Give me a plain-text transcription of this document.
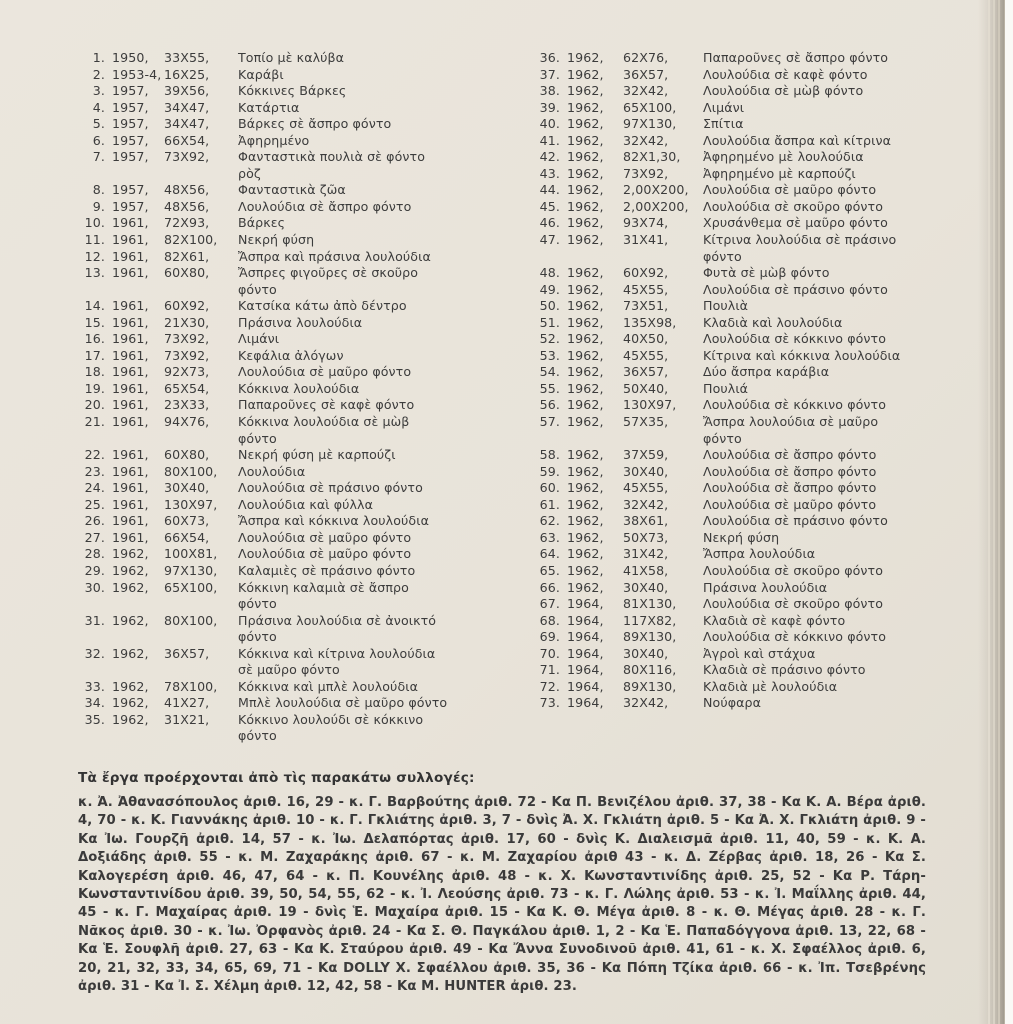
1. 1950,	33X55,	Τοπίο μὲ καλύβα
2. 1953-4, 16X25,	Καράβι
3. 1957,	39X56,	Κόκκινες Βάρκες
4. 1957,	34X47,	Κατάρτια
5. 1957,	34X47,	Βάρκες σὲ ἄσπρο φόντο
6. 1957,	66X54,	Ἀφηρημένο
7. 1957,	73X92,	Φανταστικὰ πουλιὰ σὲ φόντο ρὸζ
8. 1957,	48X56,	Φανταστικὰ ζῶα
9. 1957,	48X56,	Λουλούδια σὲ ἄσπρο φόντο
10. 1961,	72X93,	Βάρκες
11. 1961,	82X100,	Νεκρή φύση
12. 1961,	82X61,	Ἄσπρα καὶ πράσινα λουλούδια
13. 1961,	60X80,	Ἄσπρες φιγοῦρες σὲ σκοῦρο φόντο
14. 1961,	60X92,	Κατσίκα κάτω ἀπὸ δέντρο
15. 1961,	21X30,	Πράσινα λουλούδια
16. 1961,	73X92,	Λιμάνι
17. 1961,	73X92,	Κεφάλια ἀλόγων
18. 1961,	92X73,	Λουλούδια σὲ μαῦρο φόντο
19. 1961,	65X54,	Κόκκινα λουλούδια
20. 1961,	23X33,	Παπαροῦνες σὲ καφὲ φόντο
21. 1961,	94X76,	Κόκκινα λουλούδια σὲ μὼβ φόντο
22. 1961,	60X80,	Νεκρή φύση μὲ καρπούζι
23. 1961,	80X100,	Λουλούδια
24. 1961,	30X40,	Λουλούδια σὲ πράσινο φόντο
25. 1961,	130X97,	Λουλούδια καὶ φύλλα
26. 1961,	60X73,	Ἄσπρα καὶ κόκκινα λουλούδια
27. 1961,	66X54,	Λουλούδια σὲ μαῦρο φόντο
28. 1962,	100X81,	Λουλούδια σὲ μαῦρο φόντο
29. 1962,	97X130,	Καλαμιὲς σὲ πράσινο φόντο
30. 1962,	65X100,	Κόκκινη καλαμιὰ σὲ ἄσπρο φόντο
31. 1962,	80X100,	Πράσινα λουλούδια σὲ ἀνοικτό φόντο
32. 1962,	36X57,	Κόκκινα καὶ κίτρινα λουλούδια σὲ μαῦρο φόντο
33. 1962,	78X100,	Κόκκινα καὶ μπλὲ λουλούδια
34. 1962,	41X27,	Μπλὲ λουλούδια σὲ μαῦρο φόντο
35. 1962,	31X21,	Κόκκινο λουλούδι σὲ κόκκινο φόντο
36. 1962,	62X76,	Παπαροῦνες σὲ ἄσπρο φόντο
37. 1962,	36X57,	Λουλούδια σὲ καφὲ φόντο
38. 1962,	32X42,	Λουλούδια σὲ μὼβ φόντο
39. 1962,	65X100,	Λιμάνι
40. 1962,	97X130,	Σπίτια
41. 1962,	32X42,	Λουλούδια ἄσπρα καὶ κίτρινα
42. 1962,	82X1,30,	Ἀφηρημένο μὲ λουλούδια
43. 1962,	73X92,	Ἀφηρημένο μὲ καρπούζι
44. 1962,	2,00X200,	Λουλούδια σὲ μαῦρο φόντο
45. 1962,	2,00X200,	Λουλούδια σὲ σκοῦρο φόντο
46. 1962,	93X74,	Χρυσάνθεμα σὲ μαῦρο φόντο
47. 1962,	31X41,	Κίτρινα λουλούδια σὲ πράσινο φόντο
48. 1962,	60X92,	Φυτὰ σὲ μὼβ φόντο
49. 1962,	45X55,	Λουλούδια σὲ πράσινο φόντο
50. 1962,	73X51,	Πουλιὰ
51. 1962,	135X98,	Κλαδιὰ καὶ λουλούδια
52. 1962,	40X50,	Λουλούδια σὲ κόκκινο φόντο
53. 1962,	45X55,	Κίτρινα καὶ κόκκινα λουλούδια
54. 1962,	36X57,	Δύο ἄσπρα καράβια
55. 1962,	50X40,	Πουλιά
56. 1962,	130X97,	Λουλούδια σὲ κόκκινο φόντο
57. 1962,	57X35,	Ἄσπρα λουλούδια σὲ μαῦρο φόντο
58. 1962,	37X59,	Λουλούδια σὲ ἄσπρο φόντο
59. 1962,	30X40,	Λουλούδια σὲ ἄσπρο φόντο
60. 1962,	45X55,	Λουλούδια σὲ ἄσπρο φόντο
61. 1962,	32X42,	Λουλούδια σὲ μαῦρο φόντο
62. 1962,	38X61,	Λουλούδια σὲ πράσινο φόντο
63. 1962,	50X73,	Νεκρή φύση
64. 1962,	31X42,	Ἄσπρα λουλούδια
65. 1962,	41X58,	Λουλούδια σὲ σκοῦρο φόντο
66. 1962,	30X40,	Πράσινα λουλούδια
67. 1964,	81X130,	Λουλούδια σὲ σκοῦρο φόντο
68. 1964,	117X82,	Κλαδιὰ σὲ καφὲ φόντο
69. 1964,	89X130,	Λουλούδια σὲ κόκκινο φόντο
70. 1964,	30X40,	Ἀγροὶ καὶ στάχυα
71. 1964,	80X116,	Κλαδιὰ σὲ πράσινο φόντο
72. 1964,	89X130,	Κλαδιὰ μὲ λουλούδια
73. 1964,	32X42,	Νούφαρα
Τὰ ἔργα προέρχονται ἀπὸ τὶς παρακάτω συλλογές:
κ. Ἀ. Ἀθανασόπουλος ἀριθ. 16, 29 - κ. Γ. Βαρβούτης ἀριθ. 72 - Κα Π. Βενιζέλου ἀριθ. 37, 38 - Κα Κ. Α. Βέρα ἀριθ. 4, 70 - κ. Κ. Γιαννάκης ἀριθ. 10 - κ. Γ. Γκλιάτης ἀριθ. 3, 7 - δνὶς Ἀ. Χ. Γκλιάτη ἀριθ. 5 - Κα Ἀ. Χ. Γκλιάτη ἀριθ. 9 - Κα Ἰω. Γουρζῆ ἀριθ. 14, 57 - κ. Ἰω. Δελαπόρτας ἀριθ. 17, 60 - δνὶς Κ. Διαλεισμᾶ ἀριθ. 11, 40, 59 - κ. Κ. Α. Δοξιάδης ἀριθ. 55 - κ. Μ. Ζαχαράκης ἀριθ. 67 - κ. Μ. Ζαχαρίου ἀριθ 43 - κ. Δ. Ζέρβας ἀριθ. 18, 26 - Κα Σ. Καλογερέση ἀριθ. 46, 47, 64 - κ. Π. Κουνέλης ἀριθ. 48 - κ. Χ. Κωνσταντινίδης ἀριθ. 25, 52 - Κα Ρ. Τάρη-Κωνσταντινίδου ἀριθ. 39, 50, 54, 55, 62 - κ. Ἰ. Λεούσης ἀριθ. 73 - κ. Γ. Λώλης ἀριθ. 53 - κ. Ἰ. Μαΐλλης ἀριθ. 44, 45 - κ. Γ. Μαχαίρας ἀριθ. 19 - δνὶς Ἑ. Μαχαίρα ἀριθ. 15 - Κα Κ. Θ. Μέγα ἀριθ. 8 - κ. Θ. Μέγας ἀριθ. 28 - κ. Γ. Νᾶκος ἀριθ. 30 - κ. Ἰω. Ὀρφανὸς ἀριθ. 24 - Κα Σ. Θ. Παγκάλου ἀριθ. 1, 2 - Κα Ἑ. Παπαδόγγονα ἀριθ. 13, 22, 68 - Κα Ἑ. Σουφλῆ ἀριθ. 27, 63 - Κα Κ. Σταύρου ἀριθ. 49 - Κα Ἄννα Συνοδινοῦ ἀριθ. 41, 61 - κ. Χ. Σφαέλλος ἀριθ. 6, 20, 21, 32, 33, 34, 65, 69, 71 - Κα DOLLY Χ. Σφαέλλου ἀριθ. 35, 36 - Κα Πόπη Τζίκα ἀριθ. 66 - κ. Ἰπ. Τσεβρένης ἀριθ. 31 - Κα Ἰ. Σ. Χέλμη ἀριθ. 12, 42, 58 - Κα M. HUNTER ἀριθ. 23.
